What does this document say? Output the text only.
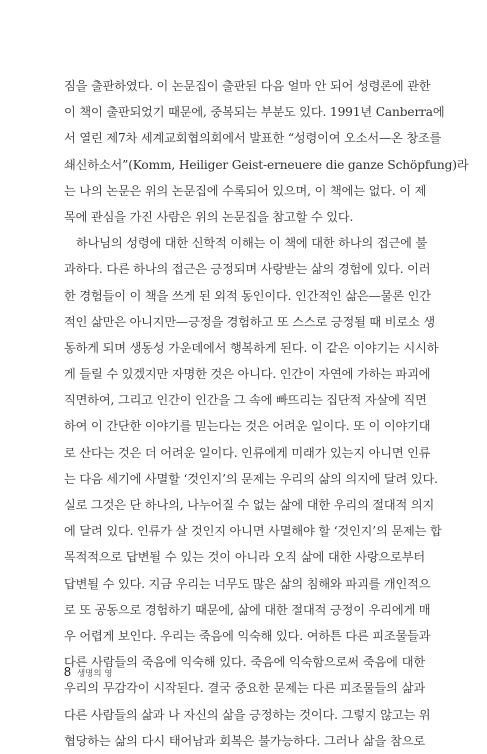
짐을 출판하였다. 이 논문집이 출판된 다음 얼마 안 되어 성령론에 관한
이 책이 출판되었기 때문에, 중복되는 부분도 있다. 1991년 Canberra에
서 열린 제7차 세계교회협의회에서 발표한 “성령이여 오소서—온 창조를
쇄신하소서”(Komm, Heiliger Geist-erneuere die ganze Schöpfung)라
는 나의 논문은 위의 논문집에 수록되어 있으며, 이 책에는 없다. 이 제
목에 관심을 가진 사람은 위의 논문집을 참고할 수 있다.
하나님의 성령에 대한 신학적 이해는 이 책에 대한 하나의 접근에 불
과하다. 다른 하나의 접근은 긍정되며 사랑받는 삶의 경험에 있다. 이러
한 경험들이 이 책을 쓰게 된 외적 동인이다. 인간적인 삶은—물론 인간
적인 삶만은 아니지만—긍정을 경험하고 또 스스로 긍정될 때 비로소 생
동하게 되며 생동성 가운데에서 행복하게 된다. 이 같은 이야기는 시시하
게 들릴 수 있겠지만 자명한 것은 아니다. 인간이 자연에 가하는 파괴에
직면하여, 그리고 인간이 인간을 그 속에 빠뜨리는 집단적 자살에 직면
하여 이 간단한 이야기를 믿는다는 것은 어려운 일이다. 또 이 이야기대
로 산다는 것은 더 어려운 일이다. 인류에게 미래가 있는지 아니면 인류
는 다음 세기에 사멸할 ‘것인지’의 문제는 우리의 삶의 의지에 달려 있다.
실로 그것은 단 하나의, 나누어질 수 없는 삶에 대한 우리의 절대적 의지
에 달려 있다. 인류가 살 것인지 아니면 사멸해야 할 ‘것인지’의 문제는 합
목적적으로 답변될 수 있는 것이 아니라 오직 삶에 대한 사랑으로부터
답변될 수 있다. 지금 우리는 너무도 많은 삶의 침해와 파괴를 개인적으
로 또 공동으로 경험하기 때문에, 삶에 대한 절대적 긍정이 우리에게 매
우 어렵게 보인다. 우리는 죽음에 익숙해 있다. 여하튼 다른 피조물들과
다른 사람들의 죽음에 익숙해 있다. 죽음에 익숙함으로써 죽음에 대한
우리의 무감각이 시작된다. 결국 중요한 문제는 다른 피조물들의 삶과
다른 사람들의 삶과 나 자신의 삶을 긍정하는 것이다. 그렇지 않고는 위
협당하는 삶의 다시 태어남과 회복은 불가능하다. 그러나 삶을 참으로
8 생명의 영
